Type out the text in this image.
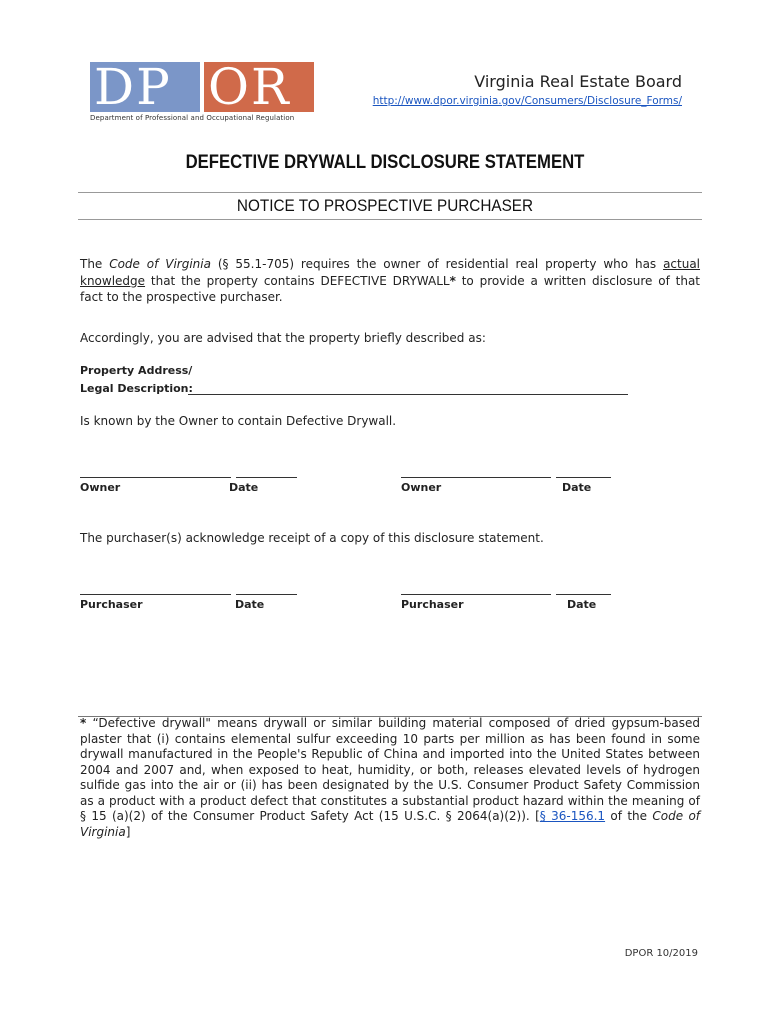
DP OR
Department of Professional and Occupational Regulation
Virginia Real Estate Board
http://www.dpor.virginia.gov/Consumers/Disclosure_Forms/
DEFECTIVE DRYWALL DISCLOSURE STATEMENT
NOTICE TO PROSPECTIVE PURCHASER
The Code of Virginia (§ 55.1-705) requires the owner of residential real property who has actual knowledge that the property contains DEFECTIVE DRYWALL* to provide a written disclosure of that fact to the prospective purchaser.
Accordingly, you are advised that the property briefly described as:
Property Address/
Legal Description:
Is known by the Owner to contain Defective Drywall.
Owner	Date	Owner	Date
The purchaser(s) acknowledge receipt of a copy of this disclosure statement.
Purchaser	Date	Purchaser	Date
* “Defective drywall" means drywall or similar building material composed of dried gypsum-based plaster that (i) contains elemental sulfur exceeding 10 parts per million as has been found in some drywall manufactured in the People's Republic of China and imported into the United States between 2004 and 2007 and, when exposed to heat, humidity, or both, releases elevated levels of hydrogen sulfide gas into the air or (ii) has been designated by the U.S. Consumer Product Safety Commission as a product with a product defect that constitutes a substantial product hazard within the meaning of § 15 (a)(2) of the Consumer Product Safety Act (15 U.S.C. § 2064(a)(2)). [§ 36-156.1 of the Code of Virginia]
DPOR 10/2019
